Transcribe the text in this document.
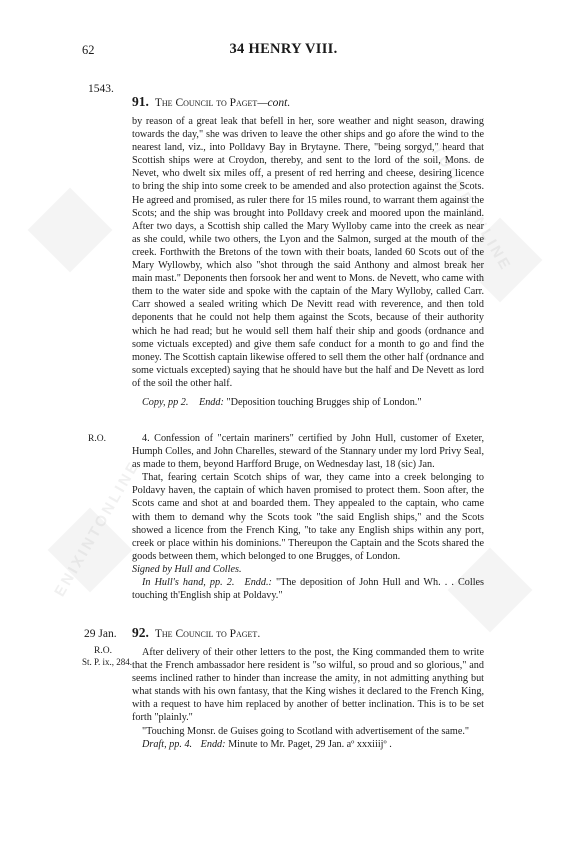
ENIXINTONLINE
TUDORONLINE
62	34 HENRY VIII.
1543.
91. The Council to Paget—cont.

by reason of a great leak that befell in her, sore weather and night season, drawing towards the day," she was driven to leave the other ships and go afore the wind to the nearest land, viz., into Polldavy Bay in Brytayne. There, "being sorgyd," heard that Scottish ships were at Croydon, thereby, and sent to the lord of the soil, Mons. de Nevet, who dwelt six miles off, a present of red herring and cheese, desiring licence to bring the ship into some creek to be amended and also protection against the Scots. He agreed and promised, as ruler there for 15 miles round, to warrant them against the Scots; and the ship was brought into Polldavy creek and moored upon the mainland. After two days, a Scottish ship called the Mary Wylloby came into the creek as near as she could, while two others, the Lyon and the Salmon, surged at the mouth of the creek. Forthwith the Bretons of the town with their boats, landed 60 Scots out of the Mary Wyllowby, which also "shot through the said Anthony and almost break her main mast." Deponents then forsook her and went to Mons. de Nevett, who came with them to the water side and spoke with the captain of the Mary Wylloby, called Carr. Carr showed a sealed writing which De Nevitt read with reverence, and then told deponents that he could not help them against the Scots, because of their authority which he had read; but he would sell them half their ship and goods (ordnance and some victuals excepted) and give them safe conduct for a month to go and find the money. The Scottish captain likewise offered to sell them the other half (ordnance and some victuals excepted) saying that he should have but the half and De Nevett as lord of the soil the other half.

Copy, pp 2. Endd: "Deposition touching Brugges ship of London."

R.O.	4. Confession of "certain mariners" certified by John Hull, customer of Exeter, Humph Colles, and John Charelles, steward of the Stannary under my lord Privy Seal, as made to them, beyond Harfford Bruge, on Wednesday last, 18 (sic) Jan.

That, fearing certain Scotch ships of war, they came into a creek belonging to Poldavy haven, the captain of which haven promised to protect them. Soon after, the Scots came and shot at and boarded them. They appealed to the captain, who came with them to demand why the Scots took "the said English ships," and the Scots showed a licence from the French King, "to take any English ships within any port, creek or place within his dominions." Thereupon the Captain and the Scots shared the goods between them, which belonged to one Brugges, of London.

Signed by Hull and Colles.

In Hull's hand, pp. 2. Endd.: "The deposition of John Hull and Wh. . . Colles touching th'English ship at Poldavy."

29 Jan. 92. The Council to Paget.
R.O.
St. P. ix., 284.

After delivery of their other letters to the post, the King commanded them to write that the French ambassador here resident is "so wilful, so proud and so glorious," and seems inclined rather to hinder than increase the amity, in not admitting anything but what stands with his own fantasy, that the King wishes it declared to the French King, with a request to have him replaced by another of better inclination. This is to be set forth "plainly."

"Touching Monsr. de Guises going to Scotland with advertisement of the same."

Draft, pp. 4. Endd: Minute to Mr. Paget, 29 Jan. aº xxxiiijº .
